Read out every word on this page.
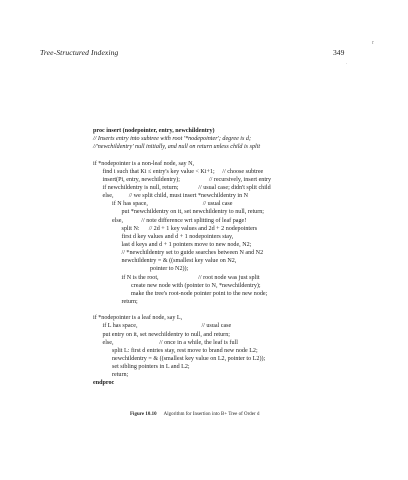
Tree-Structured Indexing	349
r
.
proc insert (nodepointer, entry, newchildentry)
// Inserts entry into subtree with root '*nodepointer'; degree is d;
//'newchildentry' null initially, and null on return unless child is split
if *nodepointer is a non-leaf node, say N,
find i such that Ki ≤ entry's key value < Ki+1;     // choose subtree
insert(Pi, entry, newchildentry);                   // recursively, insert entry
if newchildentry is null, return;             // usual case; didn't split child
else,          // we split child, must insert *newchildentry in N
if N has space,                                    // usual case
put *newchildentry on it, set newchildentry to null, return;
else,            // note difference wrt splitting of leaf page!
split N:      // 2d + 1 key values and 2d + 2 nodepointers
first d key values and d + 1 nodepointers stay,
last d keys and d + 1 pointers move to new node, N2;
// *newchildentry set to guide searches between N and N2
newchildentry = & ((smallest key value on N2,
pointer to N2));
if N is the root,                          // root node was just split
create new node with (pointer to N, *newchildentry);
make the tree's root-node pointer point to the new node;
return;
if *nodepointer is a leaf node, say L,
if L has space,                                          // usual case
put entry on it, set newchildentry to null, and return;
else,                              // once in a while, the leaf is full
split L: first d entries stay, rest move to brand new node L2;
newchildentry = & ((smallest key value on L2, pointer to L2));
set sibling pointers in L and L2;
return;
endproc
Figure 10.10 Algorithm for Insertion into B+ Tree of Order d
